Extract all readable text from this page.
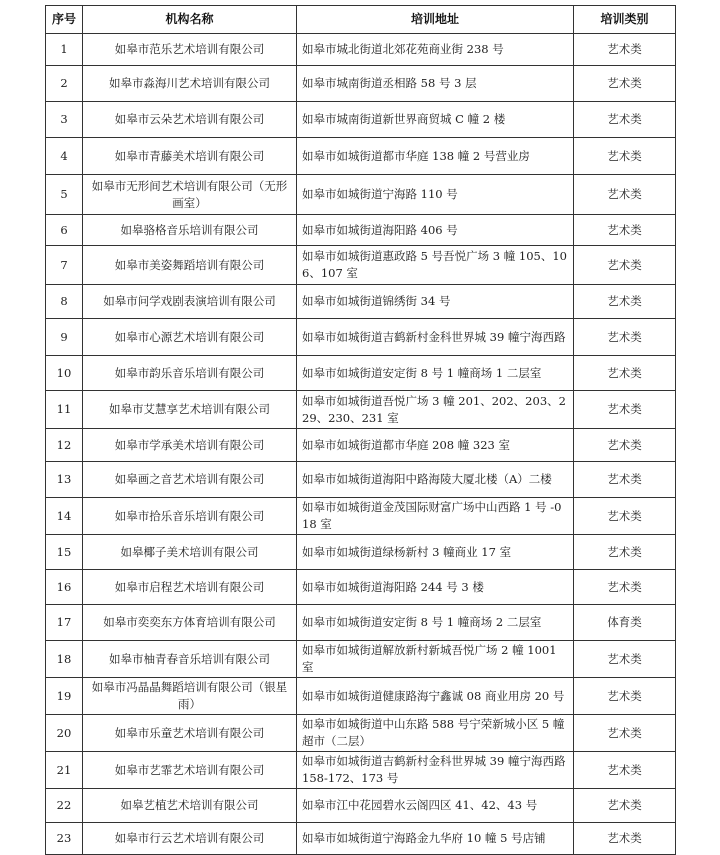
序号	机构名称	培训地址	培训类别
1	如皋市范乐艺术培训有限公司	如皋市城北街道北郊花苑商业街 238 号	艺术类
2	如皋市淼海川艺术培训有限公司	如皋市城南街道丞相路 58 号 3 层	艺术类
3	如皋市云朵艺术培训有限公司	如皋市城南街道新世界商贸城 C 幢 2 楼	艺术类
4	如皋市青藤美术培训有限公司	如皋市如城街道都市华庭 138 幢 2 号营业房	艺术类
5	如皋市无形间艺术培训有限公司（无形画室）	如皋市如城街道宁海路 110 号	艺术类
6	如皋骆格音乐培训有限公司	如皋市如城街道海阳路 406 号	艺术类
7	如皋市美姿舞蹈培训有限公司	如皋市如城街道惠政路 5 号吾悦广场 3 幢 105、106、107 室	艺术类
8	如皋市问学戏剧表演培训有限公司	如皋市如城街道锦绣街 34 号	艺术类
9	如皋市心源艺术培训有限公司	如皋市如城街道吉鹤新村金科世界城 39 幢宁海西路	艺术类
10	如皋市韵乐音乐培训有限公司	如皋市如城街道安定街 8 号 1 幢商场 1 二层室	艺术类
11	如皋市艾慧享艺术培训有限公司	如皋市如城街道吾悦广场 3 幢 201、202、203、229、230、231 室	艺术类
12	如皋市学承美术培训有限公司	如皋市如城街道都市华庭 208 幢 323 室	艺术类
13	如皋画之音艺术培训有限公司	如皋市如城街道海阳中路海陵大厦北楼（A）二楼	艺术类
14	如皋市拾乐音乐培训有限公司	如皋市如城街道金茂国际财富广场中山西路 1 号 -018 室	艺术类
15	如皋椰子美术培训有限公司	如皋市如城街道绿杨新村 3 幢商业 17 室	艺术类
16	如皋市启程艺术培训有限公司	如皋市如城街道海阳路 244 号 3 楼	艺术类
17	如皋市奕奕东方体育培训有限公司	如皋市如城街道安定街 8 号 1 幢商场 2 二层室	体育类
18	如皋市柚青春音乐培训有限公司	如皋市如城街道解放新村新城吾悦广场 2 幢 1001 室	艺术类
19	如皋市冯晶晶舞蹈培训有限公司（银星雨）	如皋市如城街道健康路海宁鑫诚 08 商业用房 20 号	艺术类
20	如皋市乐童艺术培训有限公司	如皋市如城街道中山东路 588 号宁荣新城小区 5 幢超市（二层）	艺术类
21	如皋市艺霏艺术培训有限公司	如皋市如城街道吉鹤新村金科世界城 39 幢宁海西路 158-172、173 号	艺术类
22	如皋艺植艺术培训有限公司	如皋市江中花园碧水云阁四区 41、42、43 号	艺术类
23	如皋市行云艺术培训有限公司	如皋市如城街道宁海路金九华府 10 幢 5 号店铺	艺术类
